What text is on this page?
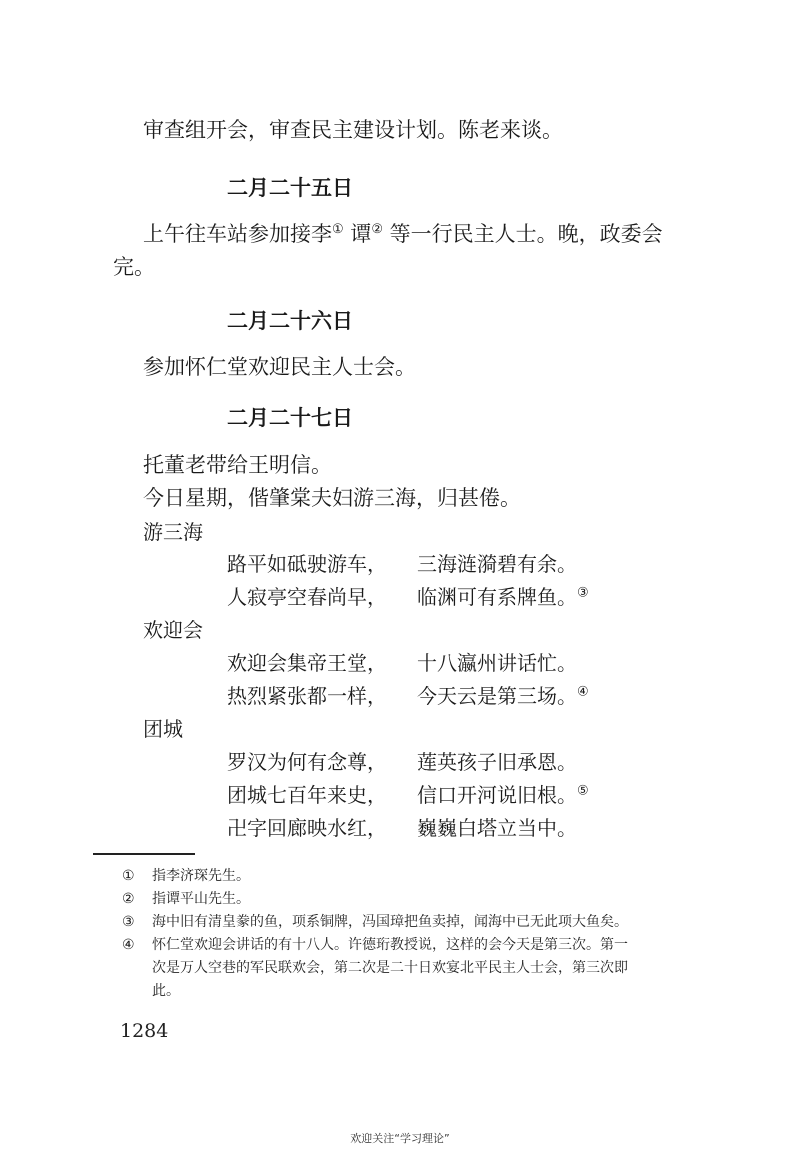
审查组开会，审查民主建设计划。陈老来谈。
二月二十五日
上午往车站参加接李① 谭② 等一行民主人士。晚，政委会
完。
二月二十六日
参加怀仁堂欢迎民主人士会。
二月二十七日
托董老带给王明信。
今日星期，偕肇棠夫妇游三海，归甚倦。
游三海
路平如砥驶游车， 三海涟漪碧有余。
人寂亭空春尚早， 临渊可有系牌鱼。③
欢迎会
欢迎会集帝王堂， 十八瀛州讲话忙。
热烈紧张都一样， 今天云是第三场。④
团城
罗汉为何有念尊， 莲英孩子旧承恩。
团城七百年来史， 信口开河说旧根。⑤
卍字回廊映水红， 巍巍白塔立当中。
① 指李济琛先生。
② 指谭平山先生。
③ 海中旧有清皇豢的鱼，项系铜牌，冯国璋把鱼卖掉，闻海中已无此项大鱼矣。
④ 怀仁堂欢迎会讲话的有十八人。许德珩教授说，这样的会今天是第三次。第一
次是万人空巷的军民联欢会，第二次是二十日欢宴北平民主人士会，第三次即
此。
1284
欢迎关注“学习理论”
